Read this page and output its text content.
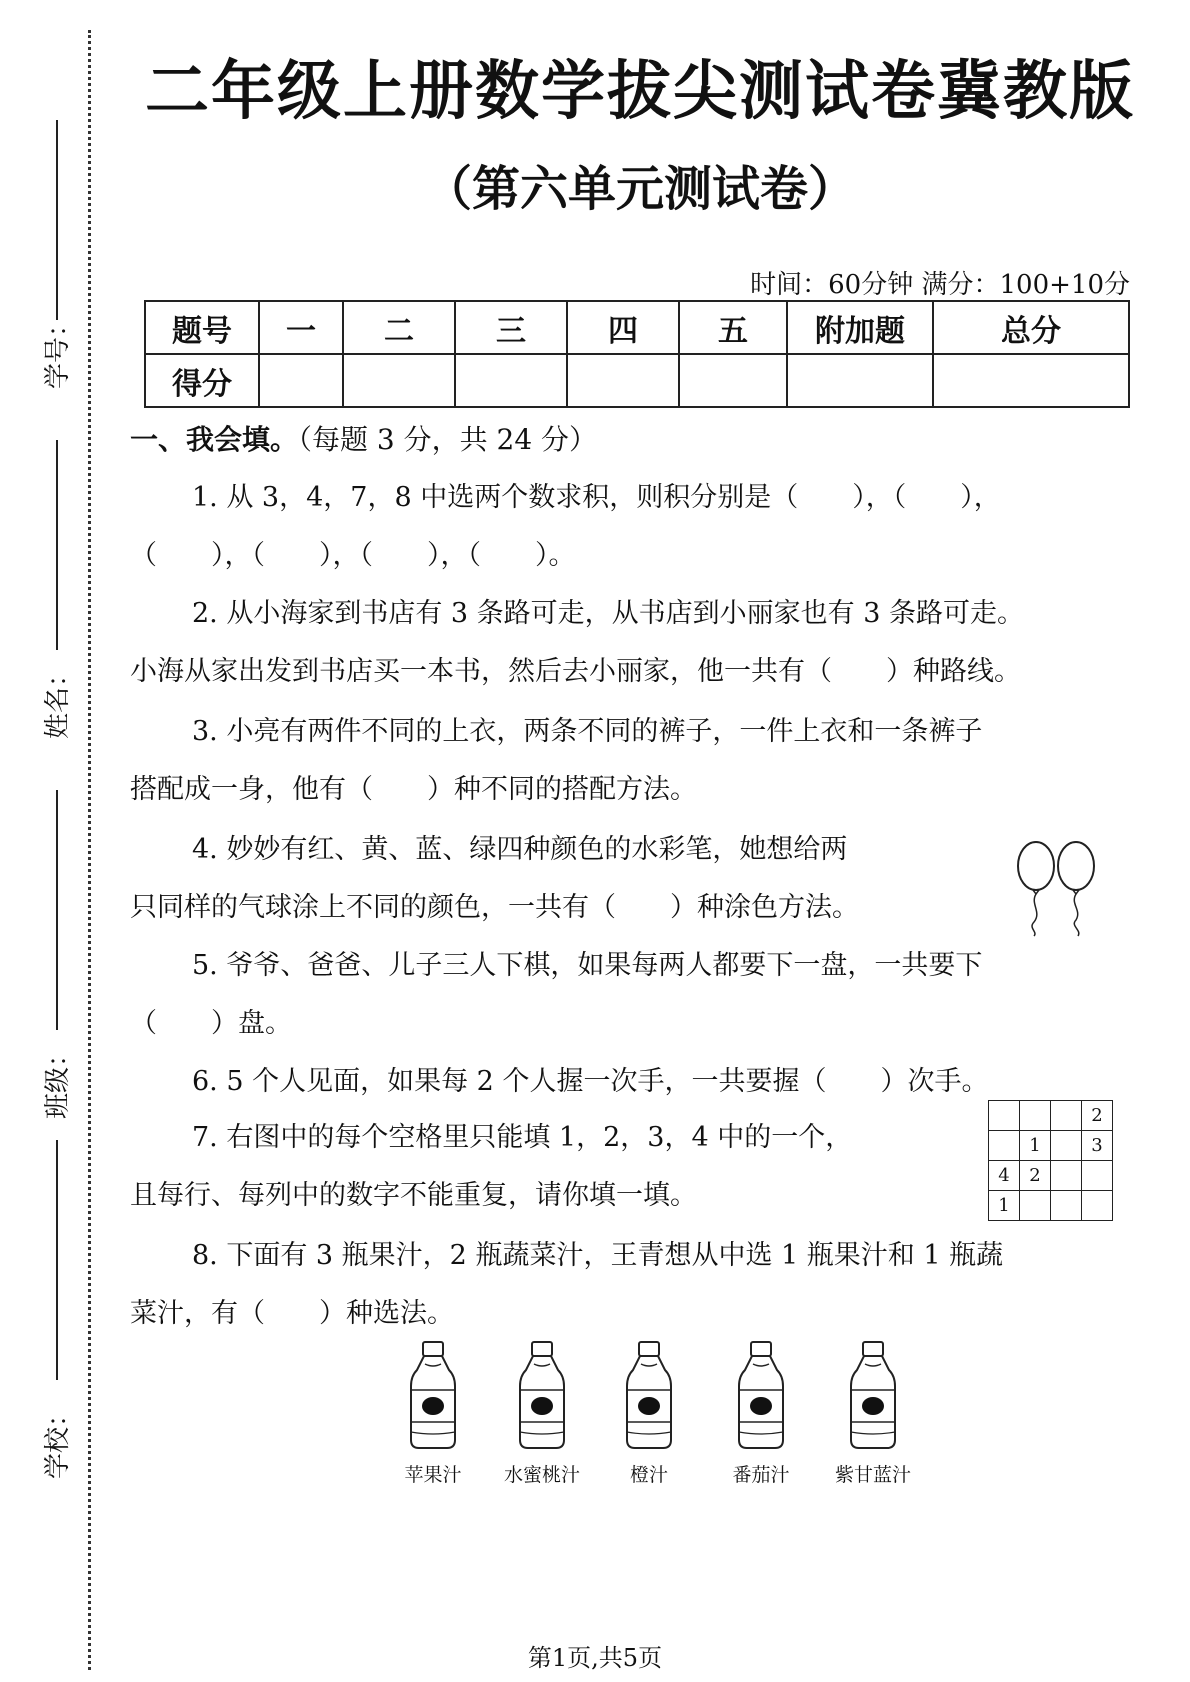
学号：
姓名：
班级：
学校：
二年级上册数学拔尖测试卷冀教版
（第六单元测试卷）
时间：60分钟 满分：100+10分
题号	一	二	三	四	五	附加题	总分
得分							
一、我会填。（每题 3 分，共 24 分）
1. 从 3，4，7，8 中选两个数求积，则积分别是（　　），（　　），
（　　），（　　），（　　），（　　）。
2. 从小海家到书店有 3 条路可走，从书店到小丽家也有 3 条路可走。
小海从家出发到书店买一本书，然后去小丽家，他一共有（　　）种路线。
3. 小亮有两件不同的上衣，两条不同的裤子，一件上衣和一条裤子
搭配成一身，他有（　　）种不同的搭配方法。
4. 妙妙有红、黄、蓝、绿四种颜色的水彩笔，她想给两
只同样的气球涂上不同的颜色，一共有（　　）种涂色方法。
5. 爷爷、爸爸、儿子三人下棋，如果每两人都要下一盘，一共要下
（　　）盘。
6. 5 个人见面，如果每 2 个人握一次手，一共要握（　　）次手。
7. 右图中的每个空格里只能填 1，2，3，4 中的一个，
且每行、每列中的数字不能重复，请你填一填。
			2
	1		3
4	2		
1			
8. 下面有 3 瓶果汁，2 瓶蔬菜汁，王青想从中选 1 瓶果汁和 1 瓶蔬
菜汁，有（　　）种选法。
苹果汁	水蜜桃汁	橙汁	番茄汁	紫甘蓝汁
第1页,共5页
